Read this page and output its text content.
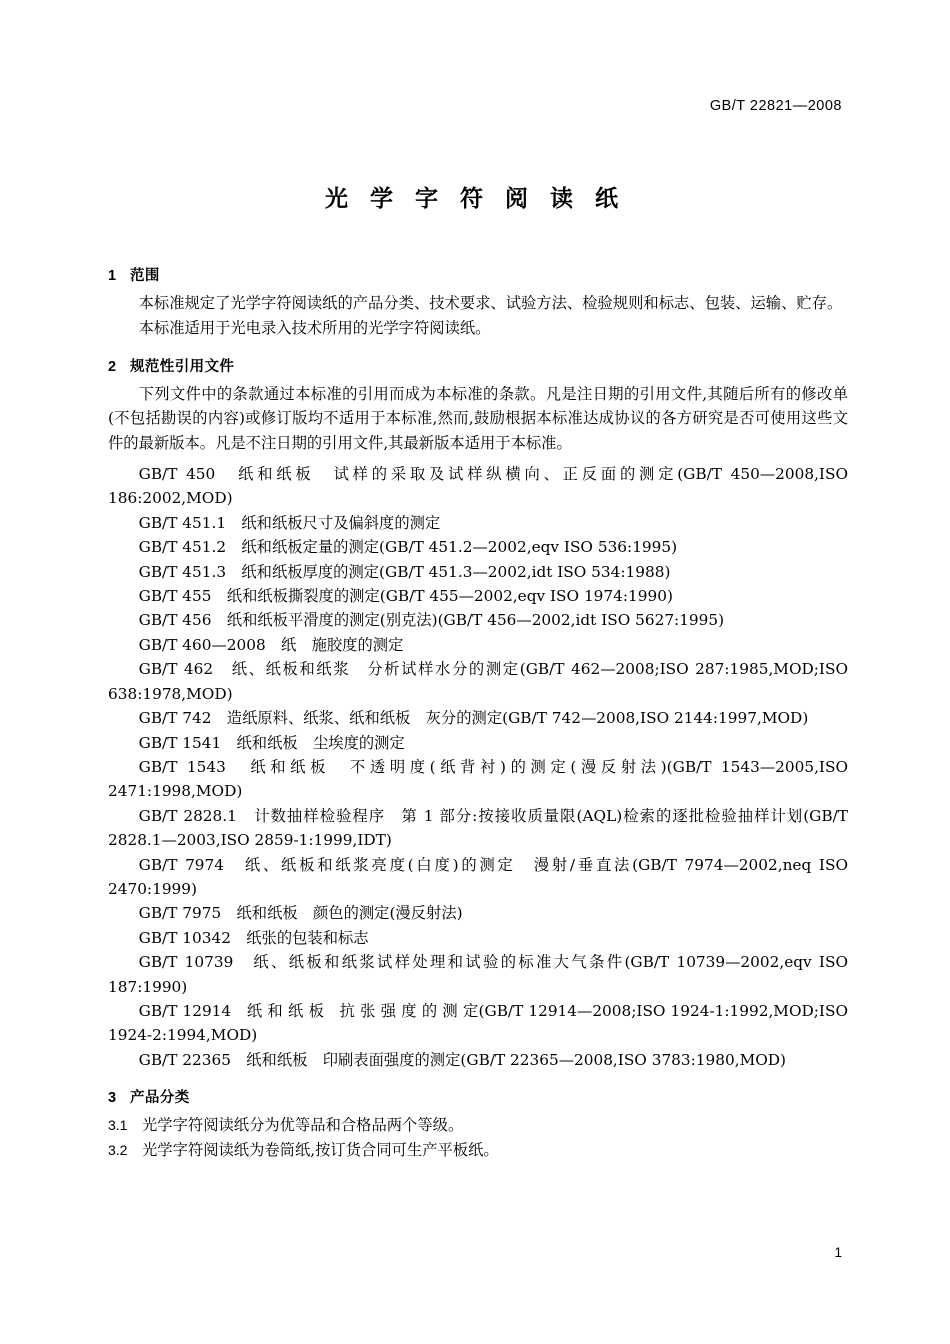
GB/T 22821—2008
光 学 字 符 阅 读 纸
1 范围

本标准规定了光学字符阅读纸的产品分类、技术要求、试验方法、检验规则和标志、包装、运输、贮存。

本标准适用于光电录入技术所用的光学字符阅读纸。

2 规范性引用文件

下列文件中的条款通过本标准的引用而成为本标准的条款。凡是注日期的引用文件,其随后所有的修改单(不包括勘误的内容)或修订版均不适用于本标准,然而,鼓励根据本标准达成协议的各方研究是否可使用这些文件的最新版本。凡是不注日期的引用文件,其最新版本适用于本标准。

GB/T 450　纸和纸板　试样的采取及试样纵横向、正反面的测定(GB/T 450—2008,ISO 186:2002,MOD)

GB/T 451.1　纸和纸板尺寸及偏斜度的测定

GB/T 451.2　纸和纸板定量的测定(GB/T 451.2—2002,eqv ISO 536:1995)

GB/T 451.3　纸和纸板厚度的测定(GB/T 451.3—2002,idt ISO 534:1988)

GB/T 455　纸和纸板撕裂度的测定(GB/T 455—2002,eqv ISO 1974:1990)

GB/T 456　纸和纸板平滑度的测定(别克法)(GB/T 456—2002,idt ISO 5627:1995)

GB/T 460—2008　纸　施胶度的测定

GB/T 462　纸、纸板和纸浆　分析试样水分的测定(GB/T 462—2008;ISO 287:1985,MOD;ISO 638:1978,MOD)

GB/T 742　造纸原料、纸浆、纸和纸板　灰分的测定(GB/T 742—2008,ISO 2144:1997,MOD)

GB/T 1541　纸和纸板　尘埃度的测定

GB/T 1543　纸和纸板　不透明度(纸背衬)的测定(漫反射法)(GB/T 1543—2005,ISO 2471:1998,MOD)

GB/T 2828.1　计数抽样检验程序　第 1 部分:按接收质量限(AQL)检索的逐批检验抽样计划(GB/T 2828.1—2003,ISO 2859-1:1999,IDT)

GB/T 7974　纸、纸板和纸浆亮度(白度)的测定　漫射/垂直法(GB/T 7974—2002,neq ISO 2470:1999)

GB/T 7975　纸和纸板　颜色的测定(漫反射法)

GB/T 10342　纸张的包装和标志

GB/T 10739　纸、纸板和纸浆试样处理和试验的标准大气条件(GB/T 10739—2002,eqv ISO 187:1990)

GB/T 12914　纸 和 纸 板　抗 张 强 度 的 测 定(GB/T 12914—2008;ISO 1924-1:1992,MOD;ISO 1924-2:1994,MOD)

GB/T 22365　纸和纸板　印刷表面强度的测定(GB/T 22365—2008,ISO 3783:1980,MOD)

3 产品分类

3.1 光学字符阅读纸分为优等品和合格品两个等级。

3.2 光学字符阅读纸为卷筒纸,按订货合同可生产平板纸。

1
